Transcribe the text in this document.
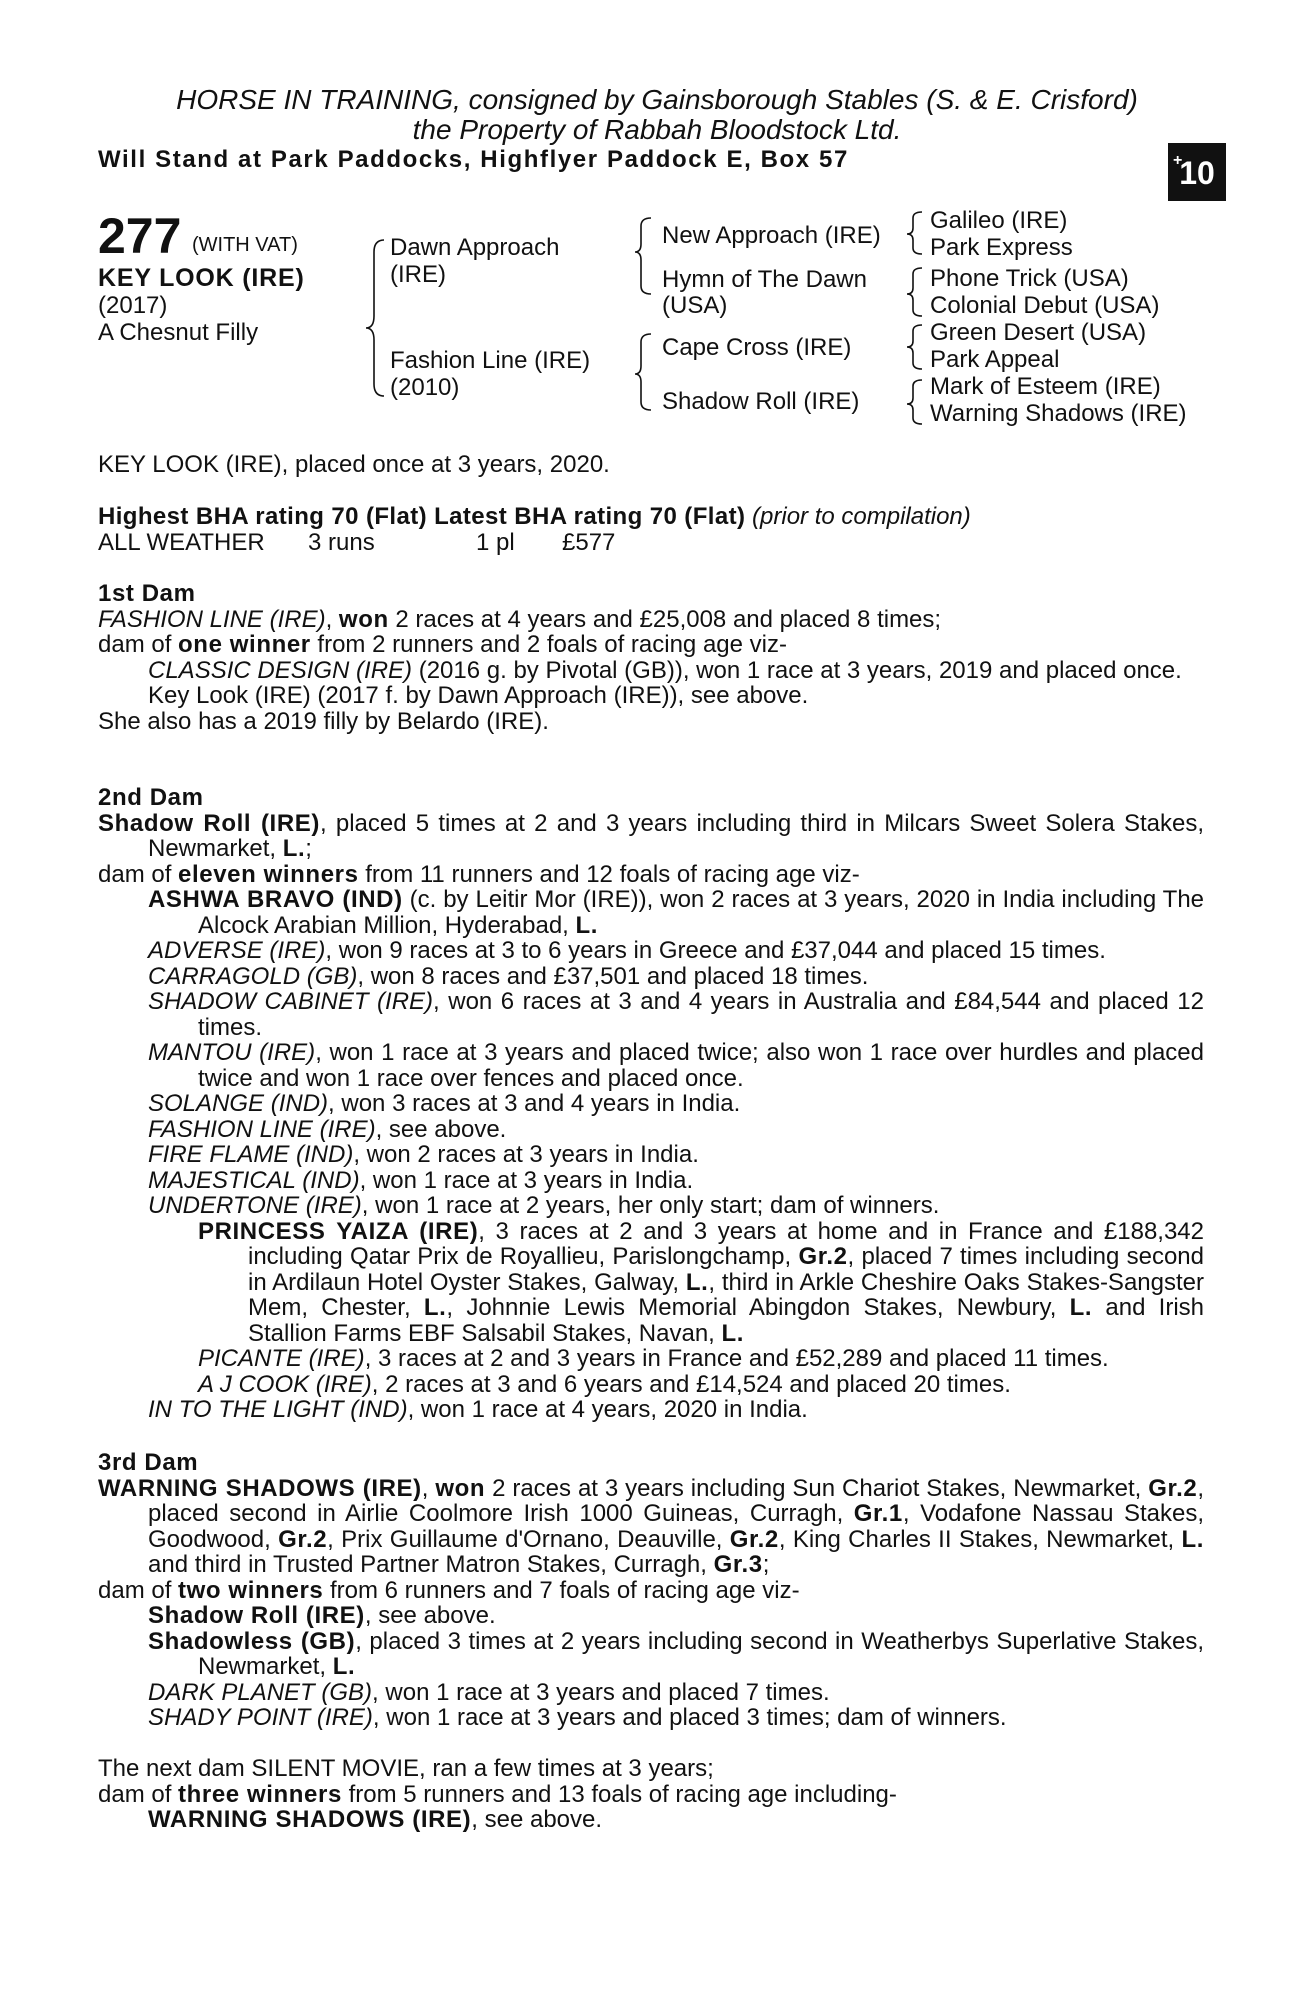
HORSE IN TRAINING, consigned by Gainsborough Stables (S. & E. Crisford)
the Property of Rabbah Bloodstock Ltd.
Will Stand at Park Paddocks, Highflyer Paddock E, Box 57	+
10
277 (WITH VAT)
KEY LOOK (IRE)
(2017)
A Chesnut Filly
Dawn Approach
(IRE)
Fashion Line (IRE)
(2010)
New Approach (IRE)
Hymn of The Dawn
(USA)
Cape Cross (IRE)
Shadow Roll (IRE)
Galileo (IRE)
Park Express
Phone Trick (USA)
Colonial Debut (USA)
Green Desert (USA)
Park Appeal
Mark of Esteem (IRE)
Warning Shadows (IRE)
KEY LOOK (IRE), placed once at 3 years, 2020.
Highest BHA rating 70 (Flat) Latest BHA rating 70 (Flat) (prior to compilation)
ALL WEATHER 3 runs	1 pl £577

1st Dam

FASHION LINE (IRE), won 2 races at 4 years and £25,008 and placed 8 times;

dam of one winner from 2 runners and 2 foals of racing age viz-

CLASSIC DESIGN (IRE) (2016 g. by Pivotal (GB)), won 1 race at 3 years, 2019 and placed once.

Key Look (IRE) (2017 f. by Dawn Approach (IRE)), see above.

She also has a 2019 filly by Belardo (IRE).

2nd Dam

Shadow Roll (IRE), placed 5 times at 2 and 3 years including third in Milcars Sweet Solera Stakes, Newmarket, L.;

dam of eleven winners from 11 runners and 12 foals of racing age viz-

ASHWA BRAVO (IND) (c. by Leitir Mor (IRE)), won 2 races at 3 years, 2020 in India including The Alcock Arabian Million, Hyderabad, L.

ADVERSE (IRE), won 9 races at 3 to 6 years in Greece and £37,044 and placed 15 times.

CARRAGOLD (GB), won 8 races and £37,501 and placed 18 times.

SHADOW CABINET (IRE), won 6 races at 3 and 4 years in Australia and £84,544 and placed 12 times.

MANTOU (IRE), won 1 race at 3 years and placed twice; also won 1 race over hurdles and placed twice and won 1 race over fences and placed once.

SOLANGE (IND), won 3 races at 3 and 4 years in India.

FASHION LINE (IRE), see above.

FIRE FLAME (IND), won 2 races at 3 years in India.

MAJESTICAL (IND), won 1 race at 3 years in India.

UNDERTONE (IRE), won 1 race at 2 years, her only start; dam of winners.

PRINCESS YAIZA (IRE), 3 races at 2 and 3 years at home and in France and £188,342 including Qatar Prix de Royallieu, Parislongchamp, Gr.2, placed 7 times including second in Ardilaun Hotel Oyster Stakes, Galway, L., third in Arkle Cheshire Oaks Stakes-Sangster Mem, Chester, L., Johnnie Lewis Memorial Abingdon Stakes, Newbury, L. and Irish Stallion Farms EBF Salsabil Stakes, Navan, L.

PICANTE (IRE), 3 races at 2 and 3 years in France and £52,289 and placed 11 times.

A J COOK (IRE), 2 races at 3 and 6 years and £14,524 and placed 20 times.

IN TO THE LIGHT (IND), won 1 race at 4 years, 2020 in India.

3rd Dam

WARNING SHADOWS (IRE), won 2 races at 3 years including Sun Chariot Stakes, Newmarket, Gr.2, placed second in Airlie Coolmore Irish 1000 Guineas, Curragh, Gr.1, Vodafone Nassau Stakes, Goodwood, Gr.2, Prix Guillaume d'Ornano, Deauville, Gr.2, King Charles II Stakes, Newmarket, L. and third in Trusted Partner Matron Stakes, Curragh, Gr.3;

dam of two winners from 6 runners and 7 foals of racing age viz-

Shadow Roll (IRE), see above.

Shadowless (GB), placed 3 times at 2 years including second in Weatherbys Superlative Stakes, Newmarket, L.

DARK PLANET (GB), won 1 race at 3 years and placed 7 times.

SHADY POINT (IRE), won 1 race at 3 years and placed 3 times; dam of winners.

The next dam SILENT MOVIE, ran a few times at 3 years;

dam of three winners from 5 runners and 13 foals of racing age including-

WARNING SHADOWS (IRE), see above.
